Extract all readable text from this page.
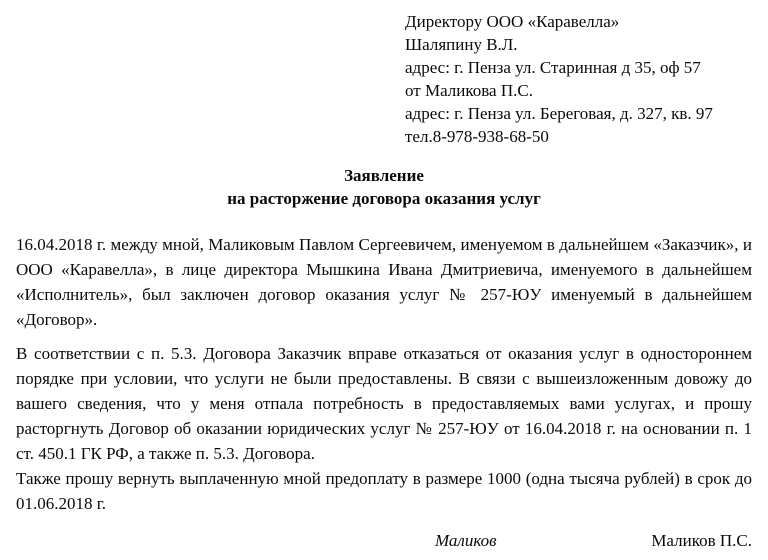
Директору ООО «Каравелла»
Шаляпину В.Л.
адрес: г. Пенза ул. Старинная д 35, оф 57
от Маликова П.С.
адрес: г. Пенза ул. Береговая, д. 327, кв. 97
тел.8-978-938-68-50
Заявление
на расторжение договора оказания услуг

16.04.2018 г. между мной, Маликовым Павлом Сергеевичем, именуемом в дальнейшем «Заказчик», и ООО «Каравелла», в лице директора Мышкина Ивана Дмитриевича, именуемого в дальнейшем «Исполнитель», был заключен договор оказания услуг № 257-ЮУ именуемый в дальнейшем «Договор».

В соответствии с п. 5.3. Договора Заказчик вправе отказаться от оказания услуг в одностороннем порядке при условии, что услуги не были предоставлены. В связи с вышеизложенным довожу до вашего сведения, что у меня отпала потребность в предоставляемых вами услугах, и прошу расторгнуть Договор об оказании юридических услуг № 257-ЮУ от 16.04.2018 г. на основании п. 1 ст. 450.1 ГК РФ, а также п. 5.3. Договора.

Также прошу вернуть выплаченную мной предоплату в размере 1000 (одна тысяча рублей) в срок до 01.06.2018 г.

Маликов	Маликов П.С.
